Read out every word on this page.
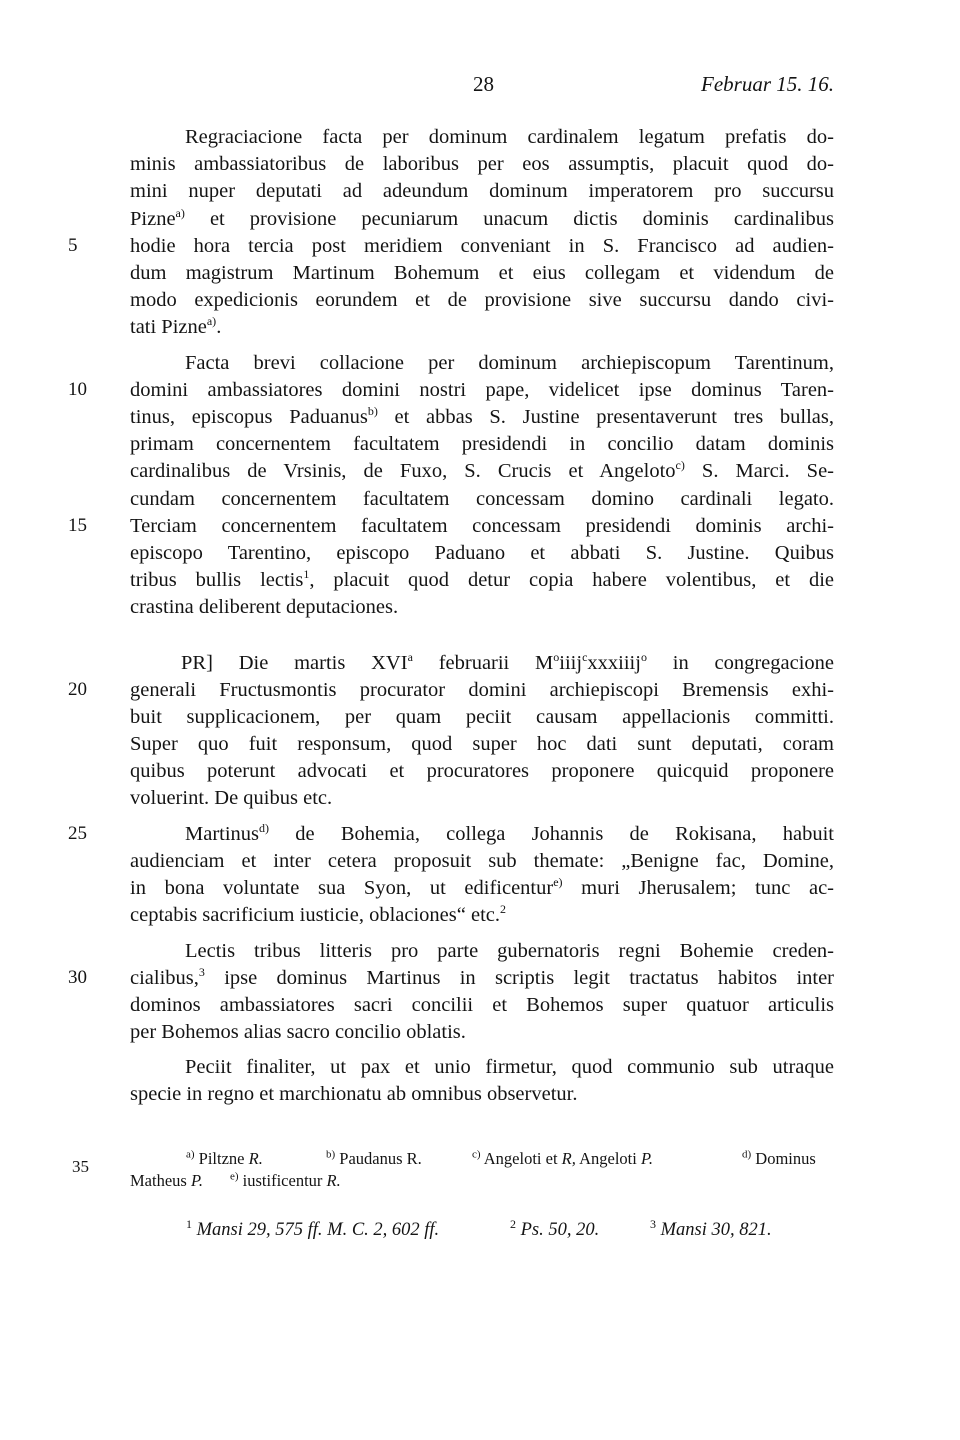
28	Februar 15. 16.
Regraciacione facta per dominum cardinalem legatum prefatis do-
minis ambassiatoribus de laboribus per eos assumptis, placuit quod do-
mini nuper deputati ad adeundum dominum imperatorem pro succursu
Pizne$^{a)}$ et provisione pecuniarum unacum dictis dominis cardinalibus
hodie hora tercia post meridiem conveniant in S. Francisco ad audien-
dum magistrum Martinum Bohemum et eius collegam et videndum de
modo expedicionis eorundem et de provisione sive succursu dando civi-
tati Pizne$^{a)}$.
Facta brevi collacione per dominum archiepiscopum Tarentinum,
domini ambassiatores domini nostri pape, videlicet ipse dominus Taren-
tinus, episcopus Paduanus$^{b)}$ et abbas S. Justine presentaverunt tres bullas,
primam concernentem facultatem presidendi in concilio datam dominis
cardinalibus de Vrsinis, de Fuxo, S. Crucis et Angeloto$^{c)}$ S. Marci. Se-
cundam concernentem facultatem concessam domino cardinali legato.
Terciam concernentem facultatem concessam presidendi dominis archi-
episcopo Tarentino, episcopo Paduano et abbati S. Justine. Quibus
tribus bullis lectis$^1$, placuit quod detur copia habere volentibus, et die
crastina deliberent deputaciones.
PR] Die martis XVI$^a$ februarii $M^oiiij^cxxxiiij^o$ in congregacione
generali Fructusmontis procurator domini archiepiscopi Bremensis exhi-
buit supplicacionem, per quam peciit causam appellacionis committi.
Super quo fuit responsum, quod super hoc dati sunt deputati, coram
quibus poterunt advocati et procuratores proponere quicquid proponere
voluerint. De quibus etc.
Martinus$^{d)}$ de Bohemia, collega Johannis de Rokisana, habuit
audienciam et inter cetera proposuit sub themate: „Benigne fac, Domine,
in bona voluntate sua Syon, ut edificentur$^{e)}$ muri Jherusalem; tunc ac-
ceptabis sacrificium iusticie, oblaciones“ etc.$^2$
Lectis tribus litteris pro parte gubernatoris regni Bohemie creden-
cialibus,$^3$ ipse dominus Martinus in scriptis legit tractatus habitos inter
dominos ambassiatores sacri concilii et Bohemos super quatuor articulis
per Bohemos alias sacro concilio oblatis.
Peciit finaliter, ut pax et unio firmetur, quod communio sub utraque
specie in regno et marchionatu ab omnibus observetur.
5
10
15
20
25
30
35
$^{a)}$ Piltzne R.	$^{b)}$ Paudanus R.	$^{c)}$ Angeloti et R, Angeloti P.	$^{d)}$ Dominus
Matheus P. $^{e)}$ iustificentur R.
$^1$ Mansi 29, 575 ff. M. C. 2, 602 ff.	$^2$ Ps. 50, 20.	$^3$ Mansi 30, 821.
